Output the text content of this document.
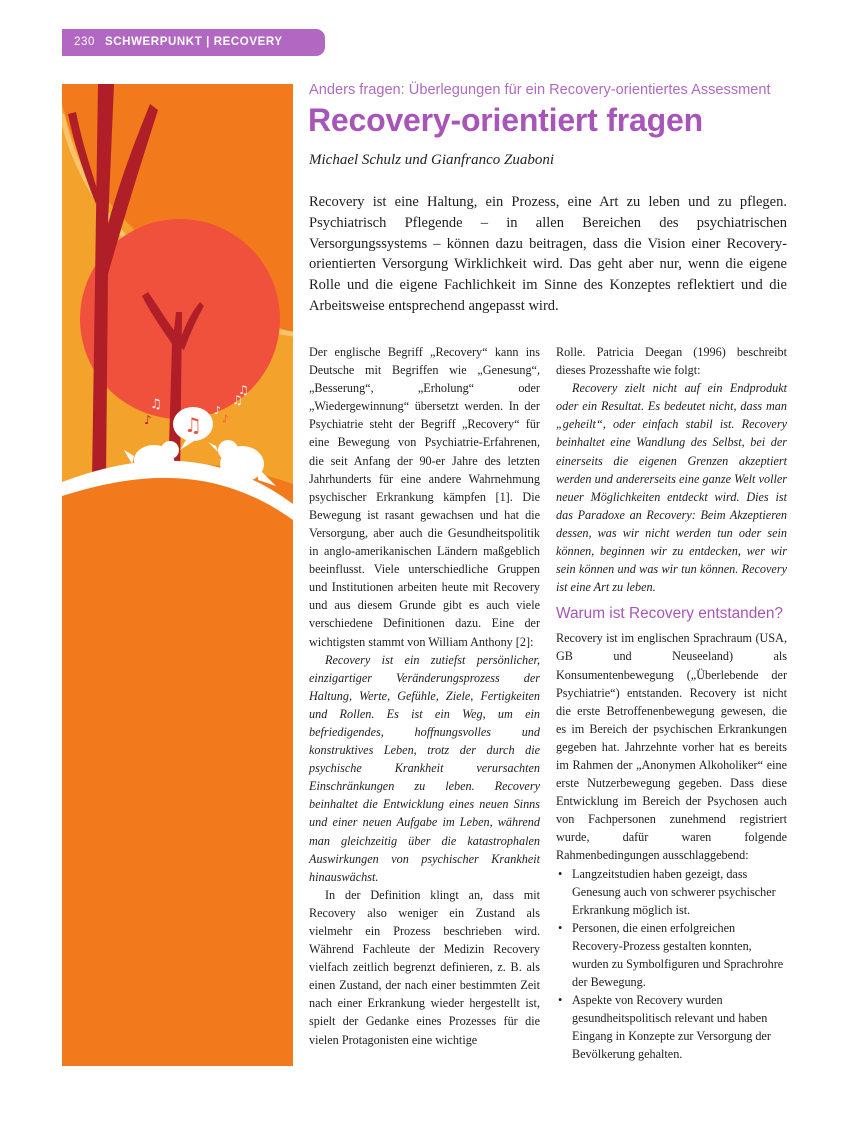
230 SCHWERPUNKT | RECOVERY
♫
♫
♪
♫
♪
♪
♫
Anders fragen: Überlegungen für ein Recovery-orientiertes Assessment
Recovery-orientiert fragen
Michael Schulz und Gianfranco Zuaboni

Recovery ist eine Haltung, ein Prozess, eine Art zu leben und zu pflegen. Psychiatrisch Pflegende – in allen Bereichen des psychiatrischen Versorgungssystems – können dazu beitragen, dass die Vision einer Recovery-orientierten Versorgung Wirklichkeit wird. Das geht aber nur, wenn die eigene Rolle und die eigene Fachlichkeit im Sinne des Konzeptes reflektiert und die Arbeitsweise entsprechend angepasst wird.

Der englische Begriff „Recovery“ kann ins Deutsche mit Begriffen wie „Genesung“, „Besserung“, „Erholung“ oder „Wiedergewinnung“ übersetzt werden. In der Psychiatrie steht der Begriff „Recovery“ für eine Bewegung von Psychiatrie-Erfahrenen, die seit Anfang der 90-er Jahre des letzten Jahrhunderts für eine andere Wahrnehmung psychischer Erkrankung kämpfen [1]. Die Bewegung ist rasant gewachsen und hat die Versorgung, aber auch die Gesundheitspolitik in anglo-amerikanischen Ländern maßgeblich beeinflusst. Viele unterschiedliche Gruppen und Institutionen arbeiten heute mit Recovery und aus diesem Grunde gibt es auch viele verschiedene Definitionen dazu. Eine der wichtigsten stammt von William Anthony [2]:

Recovery ist ein zutiefst persönlicher, einzigartiger Veränderungsprozess der Haltung, Werte, Gefühle, Ziele, Fertigkeiten und Rollen. Es ist ein Weg, um ein befriedigendes, hoffnungsvolles und konstruktives Leben, trotz der durch die psychische Krankheit verursachten Einschränkungen zu leben. Recovery beinhaltet die Entwicklung eines neuen Sinns und einer neuen Aufgabe im Leben, während man gleichzeitig über die katastrophalen Auswirkungen von psychischer Krankheit hinauswächst.

In der Definition klingt an, dass mit Recovery also weniger ein Zustand als vielmehr ein Prozess beschrieben wird. Während Fachleute der Medizin Recovery vielfach zeitlich begrenzt definieren, z. B. als einen Zustand, der nach einer bestimmten Zeit nach einer Erkrankung wieder hergestellt ist, spielt der Gedanke eines Prozesses für die vielen Protagonisten eine wichtige

Rolle. Patricia Deegan (1996) beschreibt dieses Prozesshafte wie folgt:

Recovery zielt nicht auf ein Endprodukt oder ein Resultat. Es bedeutet nicht, dass man „geheilt“, oder einfach stabil ist. Recovery beinhaltet eine Wandlung des Selbst, bei der einerseits die eigenen Grenzen akzeptiert werden und andererseits eine ganze Welt voller neuer Möglichkeiten entdeckt wird. Dies ist das Paradoxe an Recovery: Beim Akzeptieren dessen, was wir nicht werden tun oder sein können, beginnen wir zu entdecken, wer wir sein können und was wir tun können. Recovery ist eine Art zu leben.

Warum ist Recovery entstanden?

Recovery ist im englischen Sprachraum (USA, GB und Neuseeland) als Konsumentenbewegung („Überlebende der Psychiatrie“) entstanden. Recovery ist nicht die erste Betroffenenbewegung gewesen, die es im Bereich der psychischen Erkrankungen gegeben hat. Jahrzehnte vorher hat es bereits im Rahmen der „Anonymen Alkoholiker“ eine erste Nutzerbewegung gegeben. Dass diese Entwicklung im Bereich der Psychosen auch von Fachpersonen zunehmend registriert wurde, dafür waren folgende Rahmenbedingungen ausschlaggebend:

• Langzeitstudien haben gezeigt, dass Genesung auch von schwerer psychischer Erkrankung möglich ist.
• Personen, die einen erfolgreichen Recovery-Prozess gestalten konnten, wurden zu Symbolfiguren und Sprachrohre der Bewegung.
• Aspekte von Recovery wurden gesundheitspolitisch relevant und haben Eingang in Konzepte zur Versorgung der Bevölkerung gehalten.
